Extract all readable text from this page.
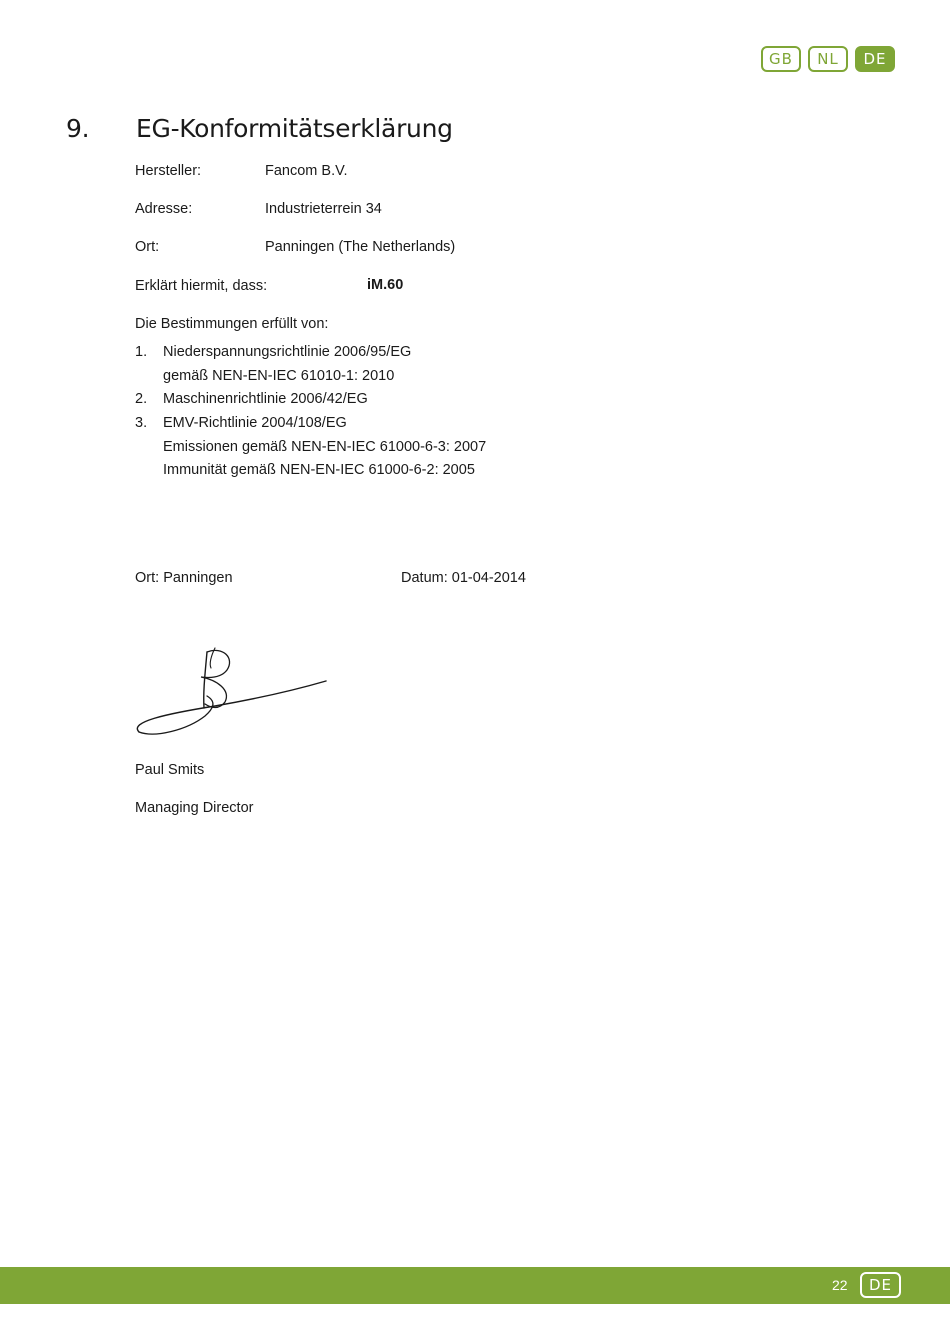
GB	NL	DE
9. EG-Konformitätserklärung
Hersteller:	Fancom B.V.
Adresse:	Industrieterrein 34
Ort:	Panningen (The Netherlands)
Erklärt hiermit, dass:	iM.60
Die Bestimmungen erfüllt von:
1. Niederspannungsrichtlinie 2006/95/EG
gemäß NEN-EN-IEC 61010-1: 2010
2. Maschinenrichtlinie 2006/42/EG
3. EMV-Richtlinie 2004/108/EG
Emissionen gemäß NEN-EN-IEC 61000-6-3: 2007
Immunität gemäß NEN-EN-IEC 61000-6-2: 2005
Ort: Panningen	Datum: 01-04-2014
Paul Smits
Managing Director
22	DE
